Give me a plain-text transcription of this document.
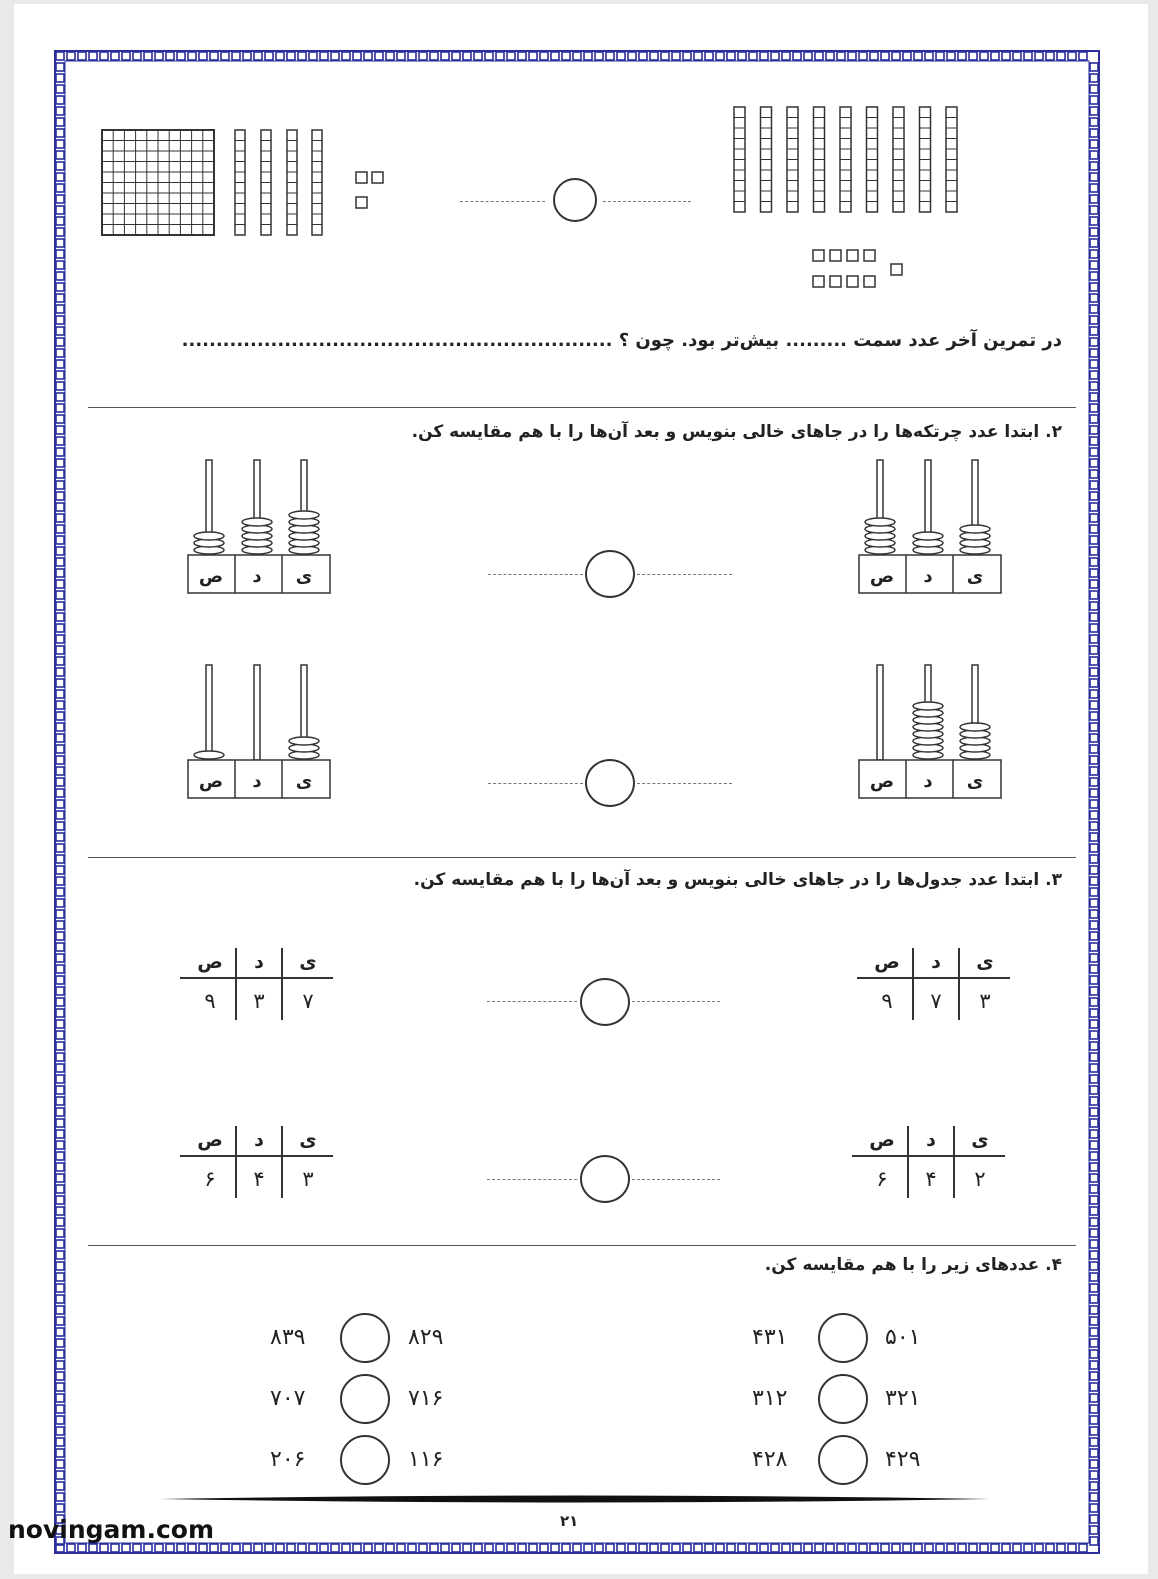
در تمرین آخر عدد سمت ......... بیش‌تر بود. چون ؟ ...............................................................
۲. ابتدا عدد چرتکه‌ها را در جاهای خالی بنویس و بعد آن‌ها را با هم مقایسه کن.
ی
د
ص
ی
د
ص
ی
د
ص
ی
د
ص
۳. ابتدا عدد جدول‌ها را در جاهای خالی بنویس و بعد آن‌ها را با هم مقایسه کن.
ی
د
ص
۳
۷
۹
ی
د
ص
۷
۳
۹
ی
د
ص
۲
۴
۶
ی
د
ص
۳
۴
۶
۴. عددهای زیر را با هم مقایسه کن.
۵۰۱
۴۳۱
۳۲۱
۳۱۲
۴۲۹
۴۲۸
۸۲۹
۸۳۹
۷۱۶
۷۰۷
۱۱۶
۲۰۶
۲۱
novingam.com
